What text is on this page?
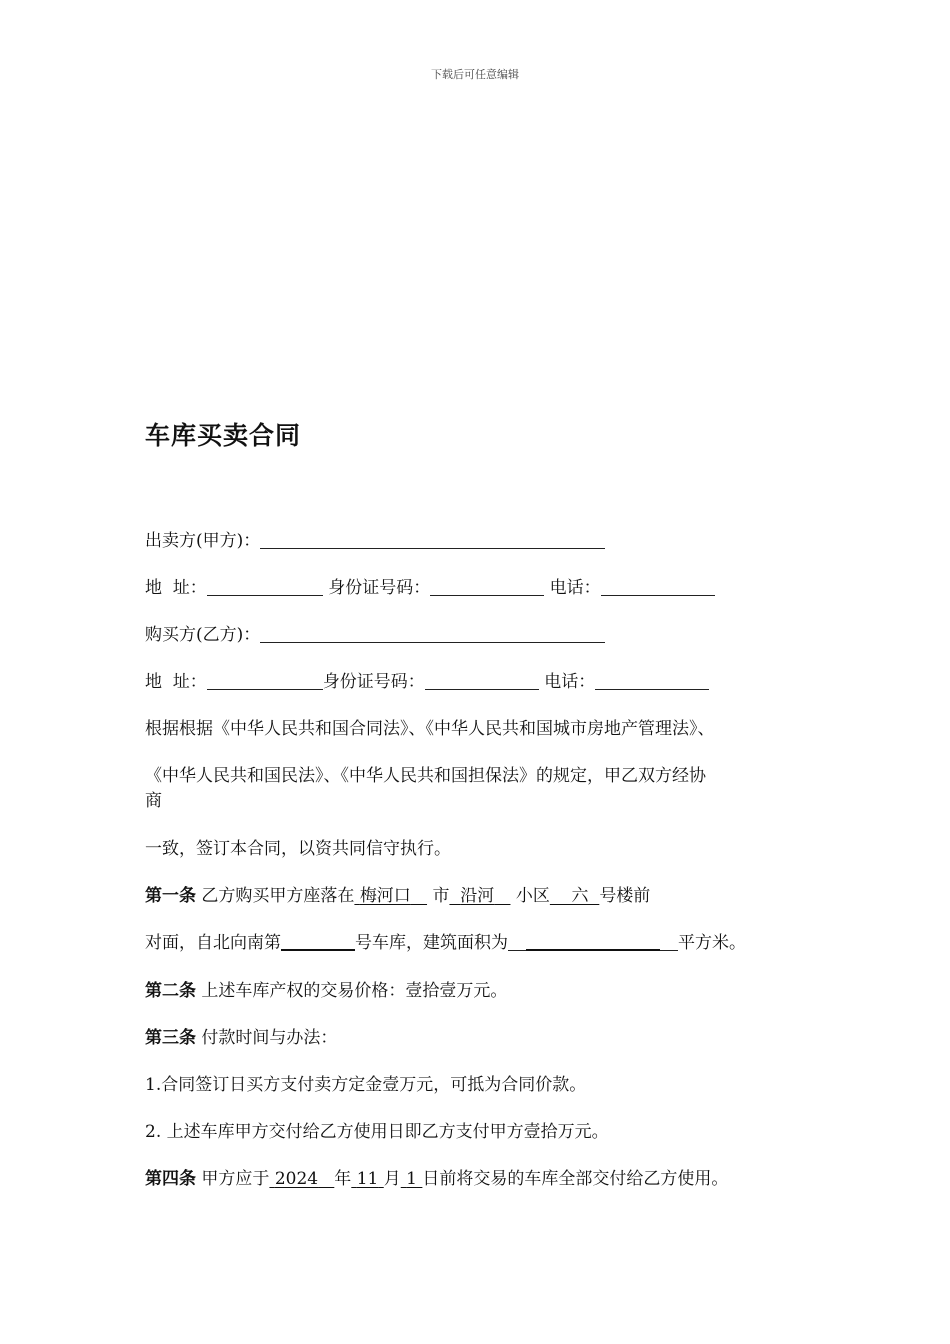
下载后可任意编辑
车库买卖合同
出卖方(甲方)：
地  址：	身份证号码：	电话：
购买方(乙方)：
地  址：	身份证号码：	电话：
根据根据《中华人民共和国合同法》、《中华人民共和国城市房地产管理法》、
《中华人民共和国民法》、《中华人民共和国担保法》的规定，甲乙双方经协
商
一致，签订本合同，以资共同信守执行。
第一条 乙方购买甲方座落在 梅河口 市 沿河 小区 六 号楼前
对面，自北向南第	号车库，建筑面积为	平方米。
第二条 上述车库产权的交易价格：壹拾壹万元。
第三条 付款时间与办法：
1.合同签订日买方支付卖方定金壹万元，可抵为合同价款。
2. 上述车库甲方交付给乙方使用日即乙方支付甲方壹拾万元。
第四条 甲方应于 2024 年 11 月 1 日前将交易的车库全部交付给乙方使用。
